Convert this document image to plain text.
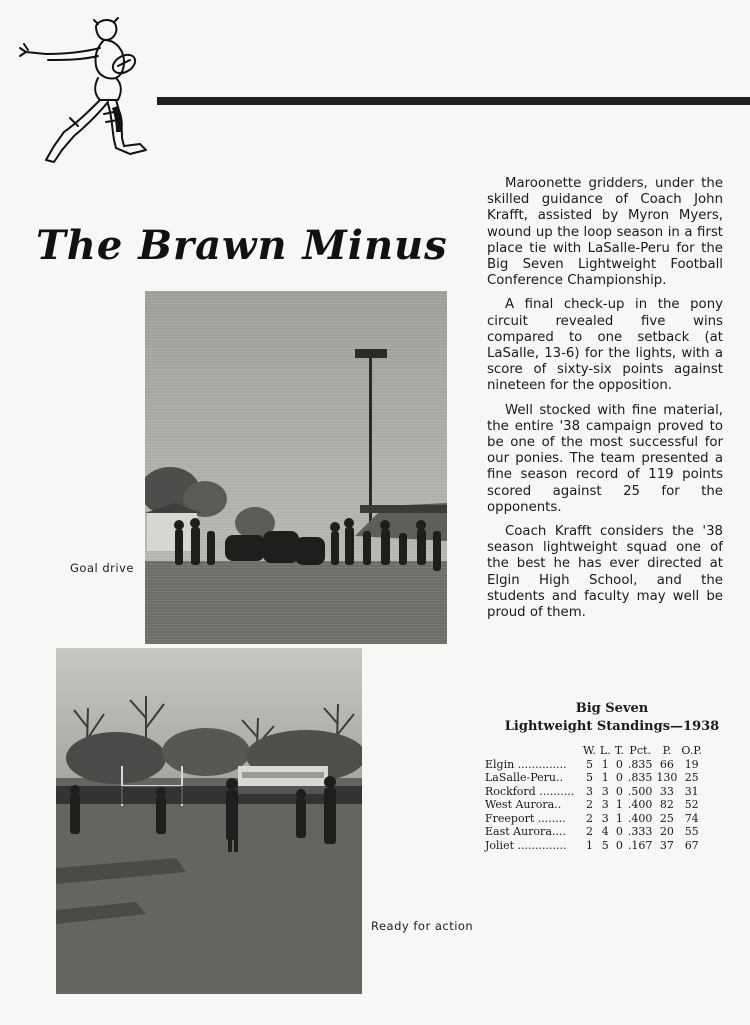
The Brawn Minus
Goal drive
Ready for action

Maroonette gridders, under the skilled guidance of Coach John Krafft, assisted by Myron Myers, wound up the loop season in a first place tie with LaSalle-Peru for the Big Seven Lightweight Football Conference Championship.

A final check-up in the pony circuit revealed five wins compared to one setback (at LaSalle, 13-6) for the lights, with a score of sixty-six points against nineteen for the opposition.

Well stocked with fine material, the entire '38 campaign proved to be one of the most successful for our ponies. The team presented a fine season record of 119 points scored against 25 for the opponents.

Coach Krafft considers the '38 season lightweight squad one of the best he has ever directed at Elgin High School, and the students and faculty may well be proud of them.

Big Seven
Lightweight Standings—1938
	W.	L.	T.	Pct.	P.	O.P.
Elgin ..............	5	1	0	.835	66	19
LaSalle-Peru..	5	1	0	.835	130	25
Rockford ..........	3	3	0	.500	33	31
West Aurora..	2	3	1	.400	82	52
Freeport ........	2	3	1	.400	25	74
East Aurora....	2	4	0	.333	20	55
Joliet ..............	1	5	0	.167	37	67
